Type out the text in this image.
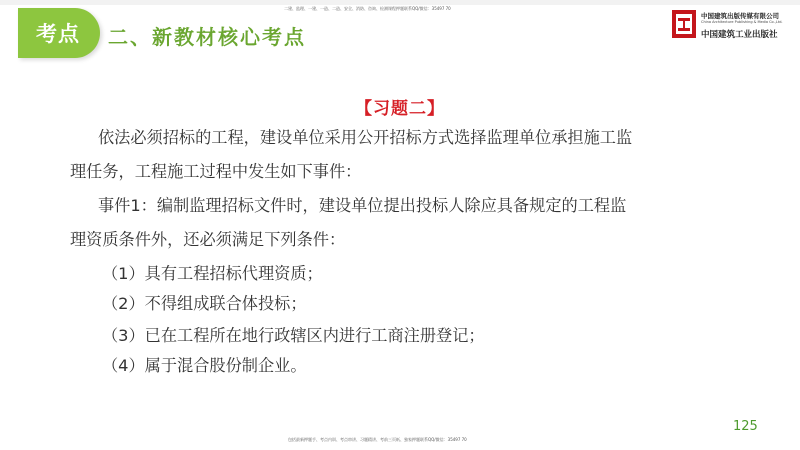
二建、监理、一建、一造、二造、安全、消防、咨询、检测课程押题联系QQ/微信：35497 70
考点 二、新教材核心考点
中国建筑出版传媒有限公司
China Architecture Publishing & Media Co.,Ltd.
中国建筑工业出版社
【习题二】
依法必须招标的工程，建设单位采用公开招标方式选择监理单位承担施工监
理任务，工程施工过程中发生如下事件：
事件1：编制监理招标文件时，建设单位提出投标人除应具备规定的工程监
理资质条件外，还必须满足下列条件：
（1）具有工程招标代理资质；
（2）不得组成联合体投标；
（3）已在工程所在地行政辖区内进行工商注册登记；
（4）属于混合股份制企业。
125
包括最新押题手、考点内训、考点串讲、习题精讲、考前三页纸、独家押题联系QQ/微信：35497 70
